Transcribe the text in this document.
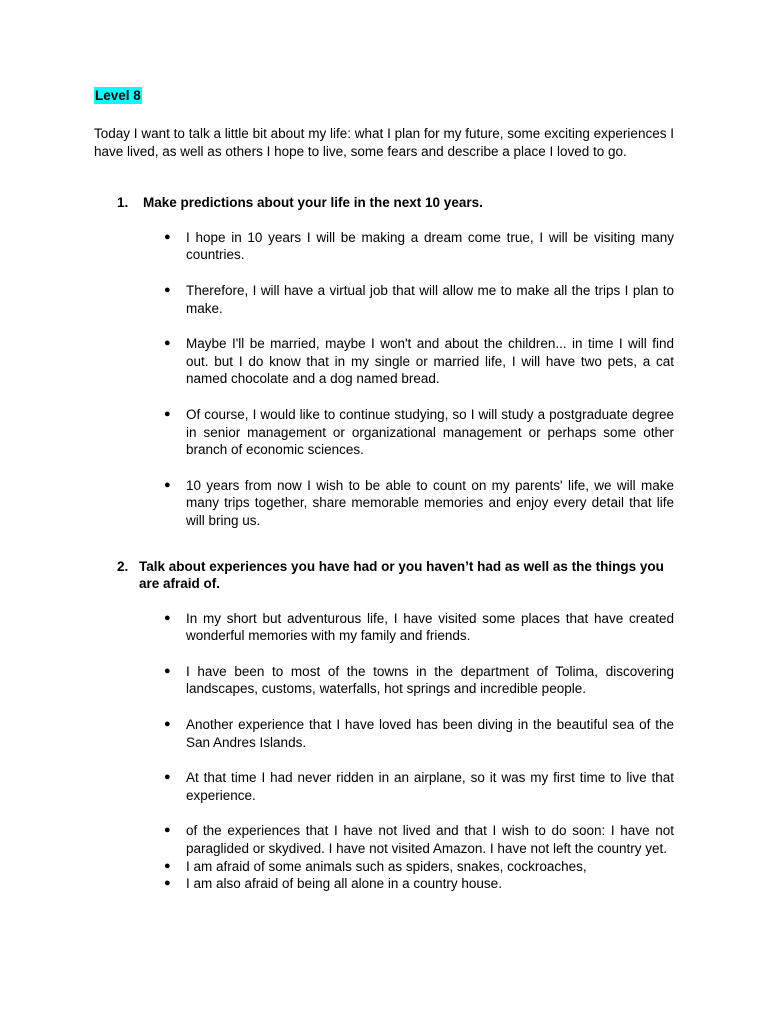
Level 8

Today I want to talk a little bit about my life: what I plan for my future, some exciting experiences I have lived, as well as others I hope to live, some fears and describe a place I loved to go.

1.	Make predictions about your life in the next 10 years.
●	I hope in 10 years I will be making a dream come true, I will be visiting many countries.
●	Therefore, I will have a virtual job that will allow me to make all the trips I plan to make.
●	Maybe I'll be married, maybe I won't and about the children... in time I will find out. but I do know that in my single or married life, I will have two pets, a cat named chocolate and a dog named bread.
●	Of course, I would like to continue studying, so I will study a postgraduate degree in senior management or organizational management or perhaps some other branch of economic sciences.
●	10 years from now I wish to be able to count on my parents' life, we will make many trips together, share memorable memories and enjoy every detail that life will bring us.
2. Talk about experiences you have had or you haven’t had as well as the things you are afraid of.
●	In my short but adventurous life, I have visited some places that have created wonderful memories with my family and friends.
●	I have been to most of the towns in the department of Tolima, discovering landscapes, customs, waterfalls, hot springs and incredible people.
●	Another experience that I have loved has been diving in the beautiful sea of the San Andres Islands.
●	At that time I had never ridden in an airplane, so it was my first time to live that experience.
●	of the experiences that I have not lived and that I wish to do soon: I have not paraglided or skydived. I have not visited Amazon. I have not left the country yet.
●	I am afraid of some animals such as spiders, snakes, cockroaches,
●	I am also afraid of being all alone in a country house.
